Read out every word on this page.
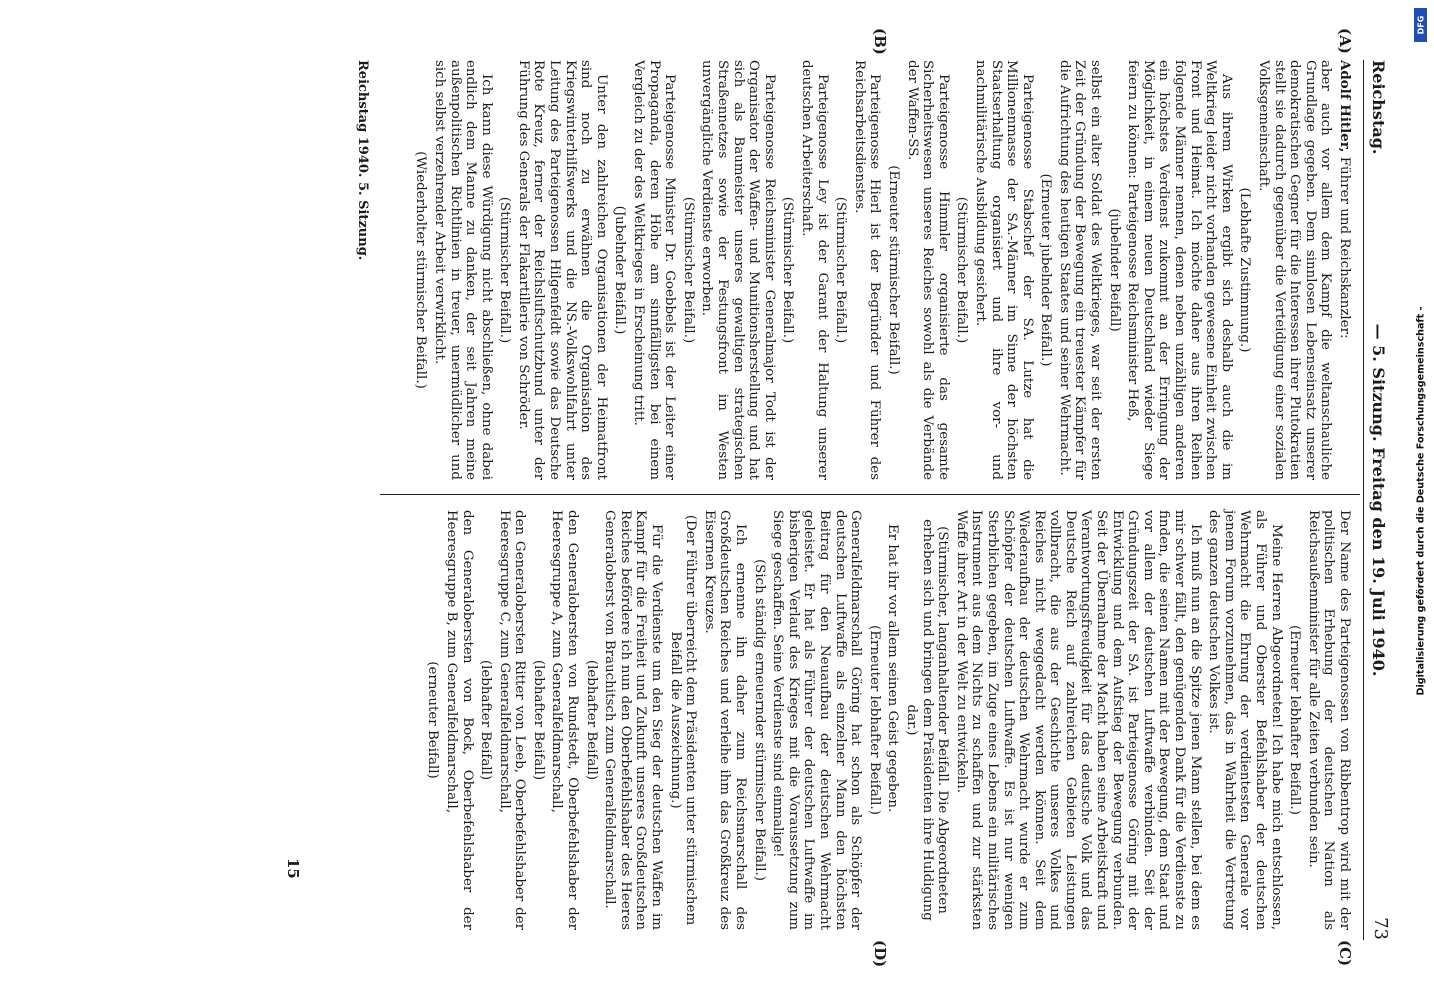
Reichstag.
— 5. Sitzung. Freitag den 19. Juli 1940.
73
(A)
(B)
(C)
(D)

Adolf Hitler, Führer und Reichskanzler:

aber auch vor allem dem Kampf die weltanschauliche Grundlage gegeben. Dem sinnlosen Lebenseinsatz unserer demokratischen Gegner für die Interessen ihrer Plutokratien stellt sie dadurch gegenüber die Verteidigung einer sozialen Volksgemeinschaft.

(Lebhafte Zustimmung.)

Aus ihrem Wirken ergibt sich deshalb auch die im Weltkrieg leider nicht vorhanden gewesene Einheit zwischen Front und Heimat. Ich möchte daher aus ihren Reihen folgende Männer nennen, denen neben unzähligen anderen ein höchstes Verdienst zukommt an der Erringung der Möglichkeit, in einem neuen Deutschland wieder Siege feiern zu können: Parteigenosse Reichsminister Heß,

(jubelnder Beifall)

selbst ein alter Soldat des Weltkrieges, war seit der ersten Zeit der Gründung der Bewegung ein treuester Kämpfer für die Aufrichtung des heutigen Staates und seiner Wehrmacht.

(Erneuter jubelnder Beifall.)

Parteigenosse Stabschef der SA. Lutze hat die Millionenmasse der SA.-Männer im Sinne der höchsten Staatserhaltung organisiert und ihre vor- und nachmilitärische Ausbildung gesichert.

(Stürmischer Beifall.)

Parteigenosse Himmler organisierte das gesamte Sicherheitswesen unseres Reiches sowohl als die Verbände der Waffen-SS.

(Erneuter stürmischer Beifall.)

Parteigenosse Hierl ist der Begründer und Führer des Reichsarbeitsdienstes.

(Stürmischer Beifall.)

Parteigenosse Ley ist der Garant der Haltung unserer deutschen Arbeiterschaft.

(Stürmischer Beifall.)

Parteigenosse Reichsminister Generalmajor Todt ist der Organisator der Waffen- und Munitionsherstellung und hat sich als Baumeister unseres gewaltigen strategischen Straßennetzes sowie der Festungsfront im Westen unvergängliche Verdienste erworben.

(Stürmischer Beifall.)

Parteigenosse Minister Dr. Goebbels ist der Leiter einer Propaganda, deren Höhe am sinnfälligsten bei einem Vergleich zu der des Weltkrieges in Erscheinung tritt.

(Jubelnder Beifall.)

Unter den zahlreichen Organisationen der Heimatfront sind noch zu erwähnen die Organisation des Kriegswinterhilfswerks und die NS.-Volkswohlfahrt unter Leitung des Parteigenossen Hilgenfeldt sowie das Deutsche Rote Kreuz, ferner der Reichsluftschutzbund unter der Führung des Generals der Flakartillerie von Schröder.

(Stürmischer Beifall.)

Ich kann diese Würdigung nicht abschließen, ohne dabei endlich dem Manne zu danken, der seit Jahren meine außenpolitischen Richtlinien in treuer, unermüdlicher und sich selbst verzehrender Arbeit verwirklicht.

(Wiederholter stürmischer Beifall.)

Der Name des Parteigenossen von Ribbentrop wird mit der politischen Erhebung der deutschen Nation als Reichsaußenminister für alle Zeiten verbunden sein.

(Erneuter lebhafter Beifall.)

Meine Herren Abgeordneten! Ich habe mich entschlossen, als Führer und Oberster Befehlshaber der deutschen Wehrmacht die Ehrung der verdientesten Generale vor jenem Forum vorzunehmen, das in Wahrheit die Vertretung des ganzen deutschen Volkes ist.

Ich muß nun an die Spitze jenen Mann stellen, bei dem es mir schwer fällt, den genügenden Dank für die Verdienste zu finden, die seinen Namen mit der Bewegung, dem Staat und vor allem der deutschen Luftwaffe verbinden. Seit der Gründungszeit der SA. ist Parteigenosse Göring mit der Entwicklung und dem Aufstieg der Bewegung verbunden. Seit der Übernahme der Macht haben seine Arbeitskraft und Verantwortungsfreudigkeit für das deutsche Volk und das Deutsche Reich auf zahlreichen Gebieten Leistungen vollbracht, die aus der Geschichte unseres Volkes und Reiches nicht weggedacht werden können. Seit dem Wiederaufbau der deutschen Wehrmacht wurde er zum Schöpfer der deutschen Luftwaffe. Es ist nur wenigen Sterblichen gegeben, im Zuge eines Lebens ein militärisches Instrument aus dem Nichts zu schaffen und zur stärksten Waffe ihrer Art in der Welt zu entwickeln.

(Stürmischer, langanhaltender Beifall. Die Abgeordneten erheben sich und bringen dem Präsidenten ihre Huldigung dar.)

Er hat ihr vor allem seinen Geist gegeben.

(Erneuter lebhafter Beifall.)

Generalfeldmarschall Göring hat schon als Schöpfer der deutschen Luftwaffe als einzelner Mann den höchsten Beitrag für den Neuaufbau der deutschen Wehrmacht geleistet. Er hat als Führer der deutschen Luftwaffe im bisherigen Verlauf des Krieges mit die Voraussetzung zum Siege geschaffen. Seine Verdienste sind einmalige!

(Sich ständig erneuernder stürmischer Beifall.)

Ich ernenne ihn daher zum Reichsmarschall des Großdeutschen Reiches und verleihe ihm das Großkreuz des Eisernen Kreuzes.

(Der Führer überreicht dem Präsidenten unter stürmischem Beifall die Auszeichnung.)

Für die Verdienste um den Sieg der deutschen Waffen im Kampf für die Freiheit und Zukunft unseres Großdeutschen Reiches befördere ich nun den Oberbefehlshaber des Heeres Generaloberst von Brauchitsch zum Generalfeldmarschall.

(lebhafter Beifall)

den Generalobersten von Rundstedt, Oberbefehlshaber der Heeresgruppe A, zum Generalfeldmarschall,

(lebhafter Beifall)

den Generalobersten Ritter von Leeb, Oberbefehlshaber der Heeresgruppe C, zum Generalfeldmarschall,

(lebhafter Beifall)

den Generalobersten von Bock, Oberbefehlshaber der Heeresgruppe B, zum Generalfeldmarschall,

(erneuter Beifall)

Reichstag 1940. 5. Sitzung.
15
DFG
Digitalisierung gefördert durch die Deutsche Forschungsgemeinschaft -
